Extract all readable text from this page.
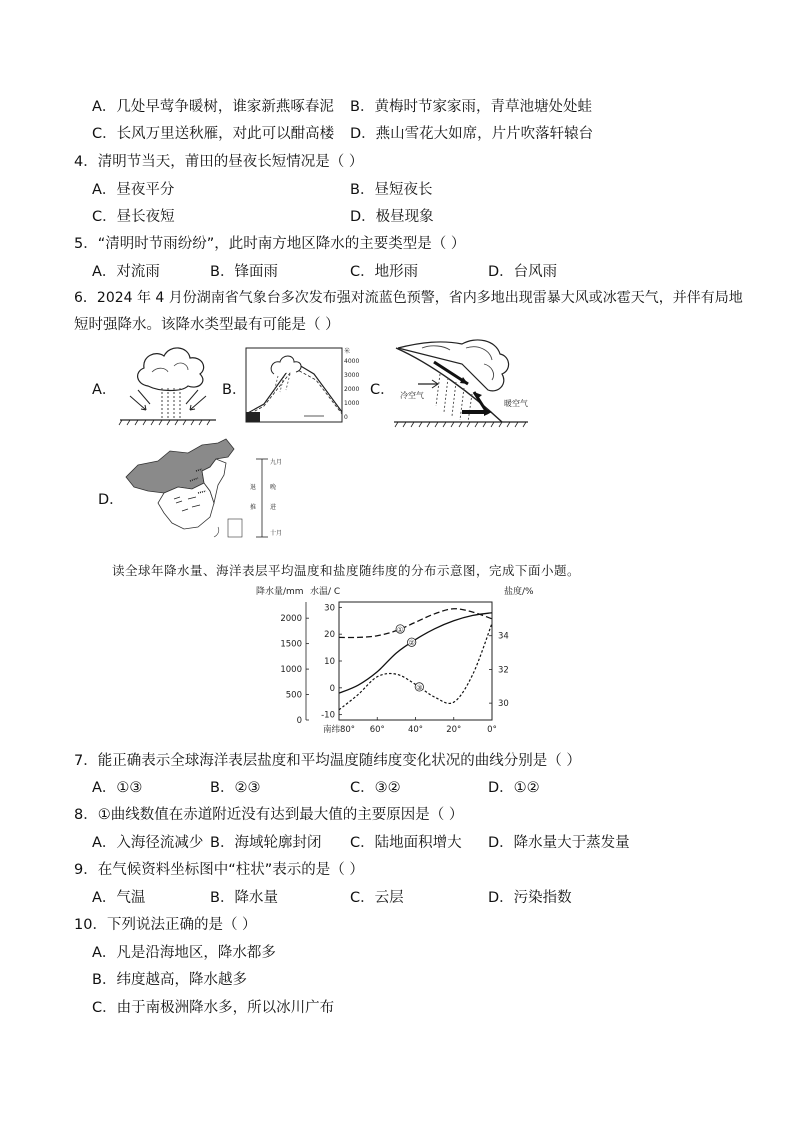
A．几处早莺争暖树，谁家新燕啄春泥 B．黄梅时节家家雨，青草池塘处处蛙
C．长风万里送秋雁，对此可以酣高楼 D．燕山雪花大如席，片片吹落轩辕台
4．清明节当天，莆田的昼夜长短情况是（ ）
A．昼夜平分	B．昼短夜长
C．昼长夜短	D．极昼现象
5．“清明时节雨纷纷”，此时南方地区降水的主要类型是（ ）
A．对流雨	B．锋面雨	C．地形雨	D．台风雨
6．2024 年 4 月份湖南省气象台多次发布强对流蓝色预警，省内多地出现雷暴大风或冰雹天气，并伴有局地
短时强降水。该降水类型最有可能是（ ）
A．	B．
米
4000
3000
2000
1000
0
C． 冷空气
暖空气
D．
九月
退 晚
推 进
十月
读全球年降水量、海洋表层平均温度和盐度随纬度的分布示意图，完成下面小题。
降水量/mm 水温/ C	盐度/%
2000
1500
1000
500
0
30
20
10
0
-10
34
32
30
南纬80° 60°	40°	20°	0°
①
②
③
7．能正确表示全球海洋表层盐度和平均温度随纬度变化状况的曲线分别是（ ）
A．①③	B．②③	C．③②	D．①②
8．①曲线数值在赤道附近没有达到最大值的主要原因是（ ）
A．入海径流减少 B．海域轮廓封闭 C．陆地面积增大 D．降水量大于蒸发量
9．在气候资料坐标图中“柱状”表示的是（ ）
A．气温	B．降水量	C．云层	D．污染指数
10．下列说法正确的是（ ）
A．凡是沿海地区，降水都多
B．纬度越高，降水越多
C．由于南极洲降水多，所以冰川广布
